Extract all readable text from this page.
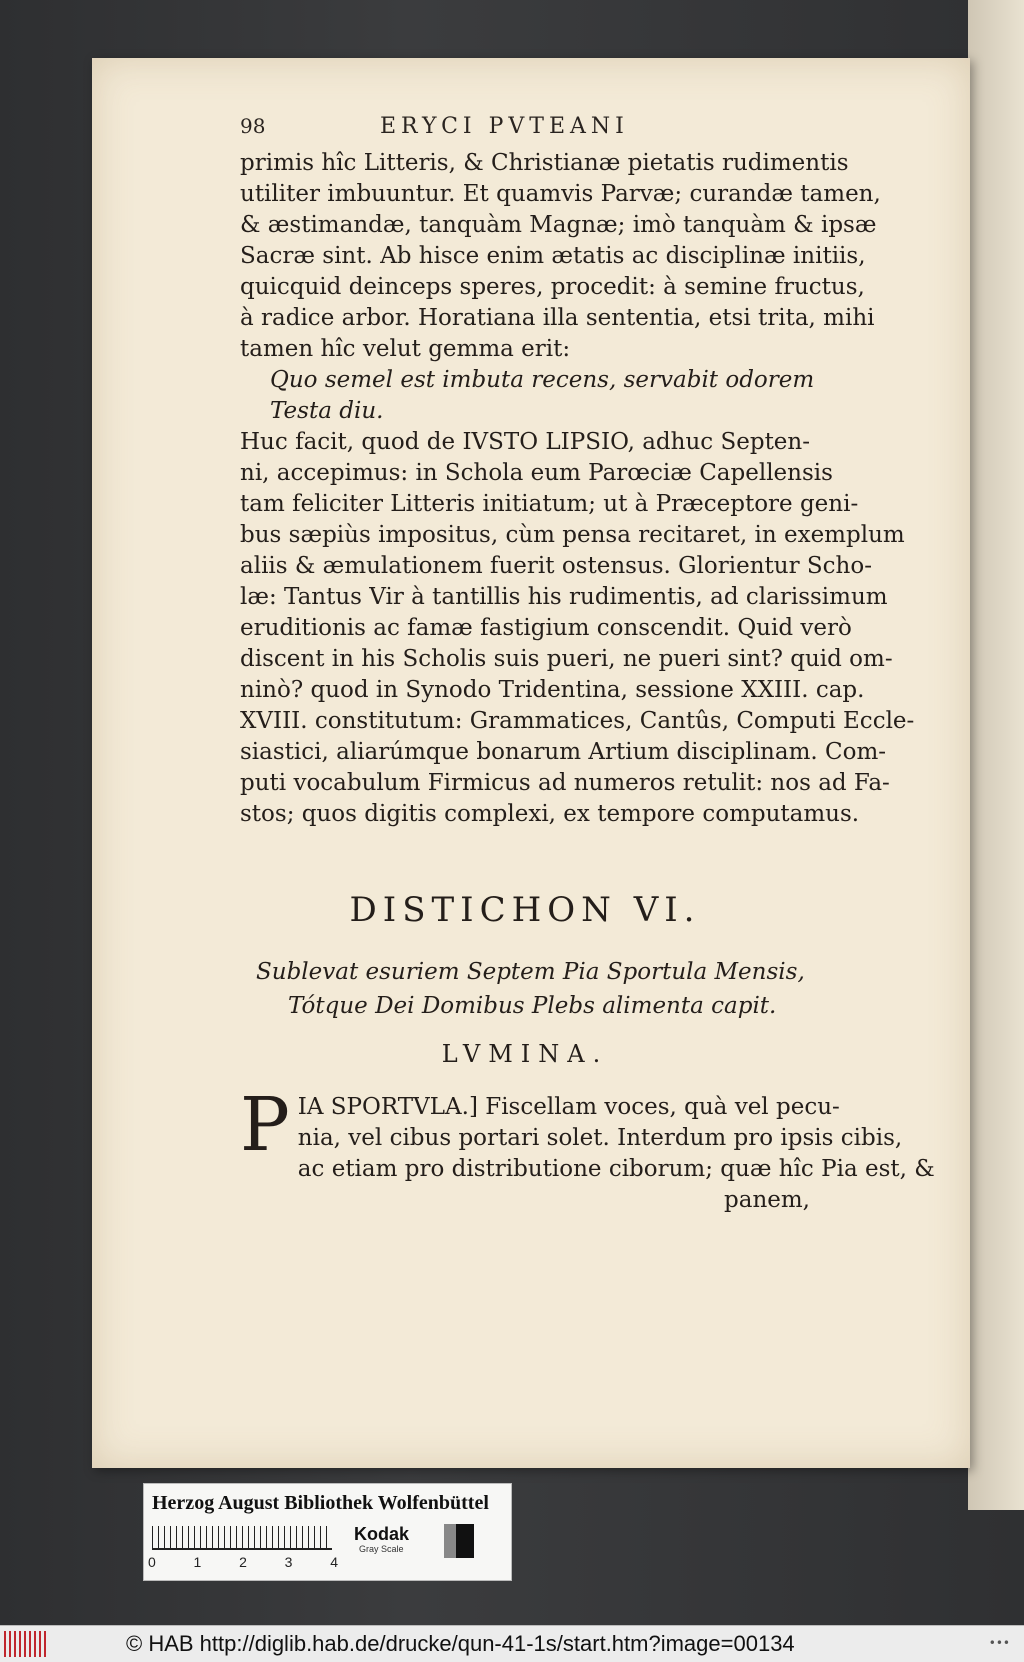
98	ERYCI PVTEANI
primis hîc Litteris, & Christianæ pietatis rudimentis
utiliter imbuuntur. Et quamvis Parvæ; curandæ tamen,
& æstimandæ, tanquàm Magnæ; imò tanquàm & ipsæ
Sacræ sint. Ab hisce enim ætatis ac disciplinæ initiis,
quicquid deinceps speres, procedit: à semine fructus,
à radice arbor. Horatiana illa sententia, etsi trita, mihi
tamen hîc velut gemma erit:
Quo semel est imbuta recens, servabit odorem
Testa diu.
Huc facit, quod de IVSTO LIPSIO, adhuc Septen-
ni, accepimus: in Schola eum Parœciæ Capellensis
tam feliciter Litteris initiatum; ut à Præceptore geni-
bus sæpiùs impositus, cùm pensa recitaret, in exemplum
aliis & æmulationem fuerit ostensus. Glorientur Scho-
læ: Tantus Vir à tantillis his rudimentis, ad clarissimum
eruditionis ac famæ fastigium conscendit. Quid verò
discent in his Scholis suis pueri, ne pueri sint? quid om-
ninò? quod in Synodo Tridentina, sessione XXIII. cap.
XVIII. constitutum: Grammatices, Cantûs, Computi Eccle-
siastici, aliarúmque bonarum Artium disciplinam. Com-
puti vocabulum Firmicus ad numeros retulit: nos ad Fa-
stos; quos digitis complexi, ex tempore computamus.
DISTICHON VI.
Sublevat esuriem Septem Pia Sportula Mensis,
Tótque Dei Domibus Plebs alimenta capit.
LVMINA.
P IA SPORTVLA.] Fiscellam voces, quà vel pecu-
nia, vel cibus portari solet. Interdum pro ipsis cibis,
ac etiam pro distributione ciborum; quæ hîc Pia est, &
panem,
Herzog August Bibliothek Wolfenbüttel
0	1	2	3	4
Kodak
Gray Scale
© HAB http://diglib.hab.de/drucke/qun-41-1s/start.htm?image=00134	•••
